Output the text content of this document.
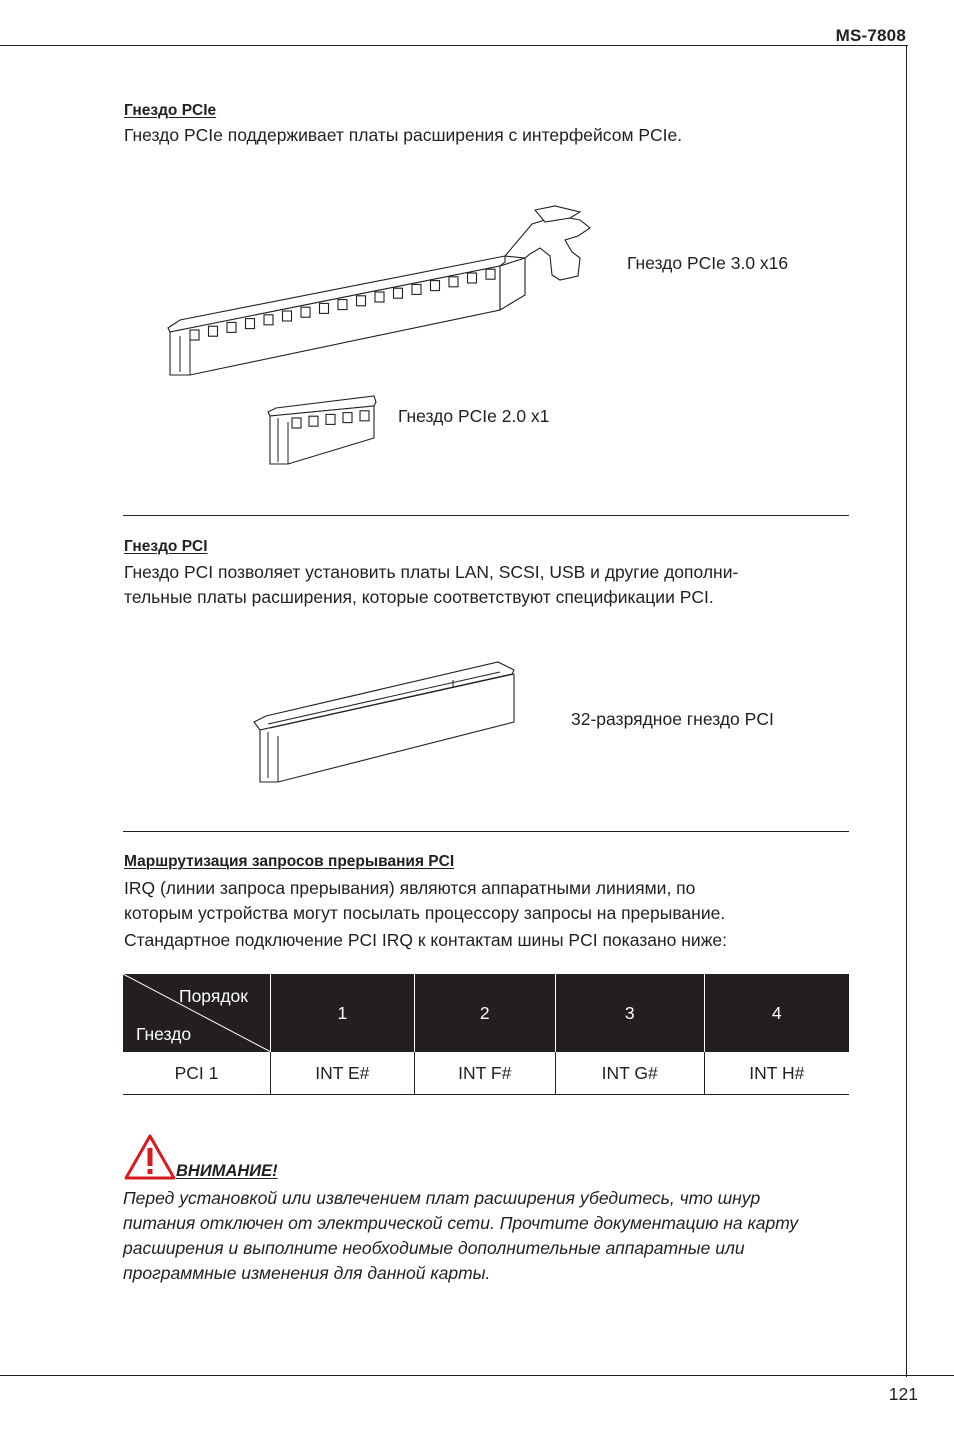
MS-7808
Гнездо PCIe
Гнездо PCIe поддерживает платы расширения с интерфейсом PCIe.
Гнездо PCIe 3.0 x16
Гнездо PCIe 2.0 x1
Гнездо PCI
Гнездо PCI позволяет установить платы LAN, SCSI, USB и другие дополни-
тельные платы расширения, которые соответствуют спецификации PCI.
32-разрядное гнездо PCI
Маршрутизация запросов прерывания PCI
IRQ (линии запроса прерывания) являются аппаратными линиями, по
которым устройства могут посылать процессору запросы на прерывание.
Стандартное подключение PCI IRQ к контактам шины PCI показано ниже:
Порядок
Гнездо	1	2	3	4
PCI 1	INT E#	INT F#	INT G#	INT H#
ВНИМАНИЕ!
Перед установкой или извлечением плат расширения убедитесь, что шнур
питания отключен от электрической сети. Прочтите документацию на карту
расширения и выполните необходимые дополнительные аппаратные или
программные изменения для данной карты.
121
